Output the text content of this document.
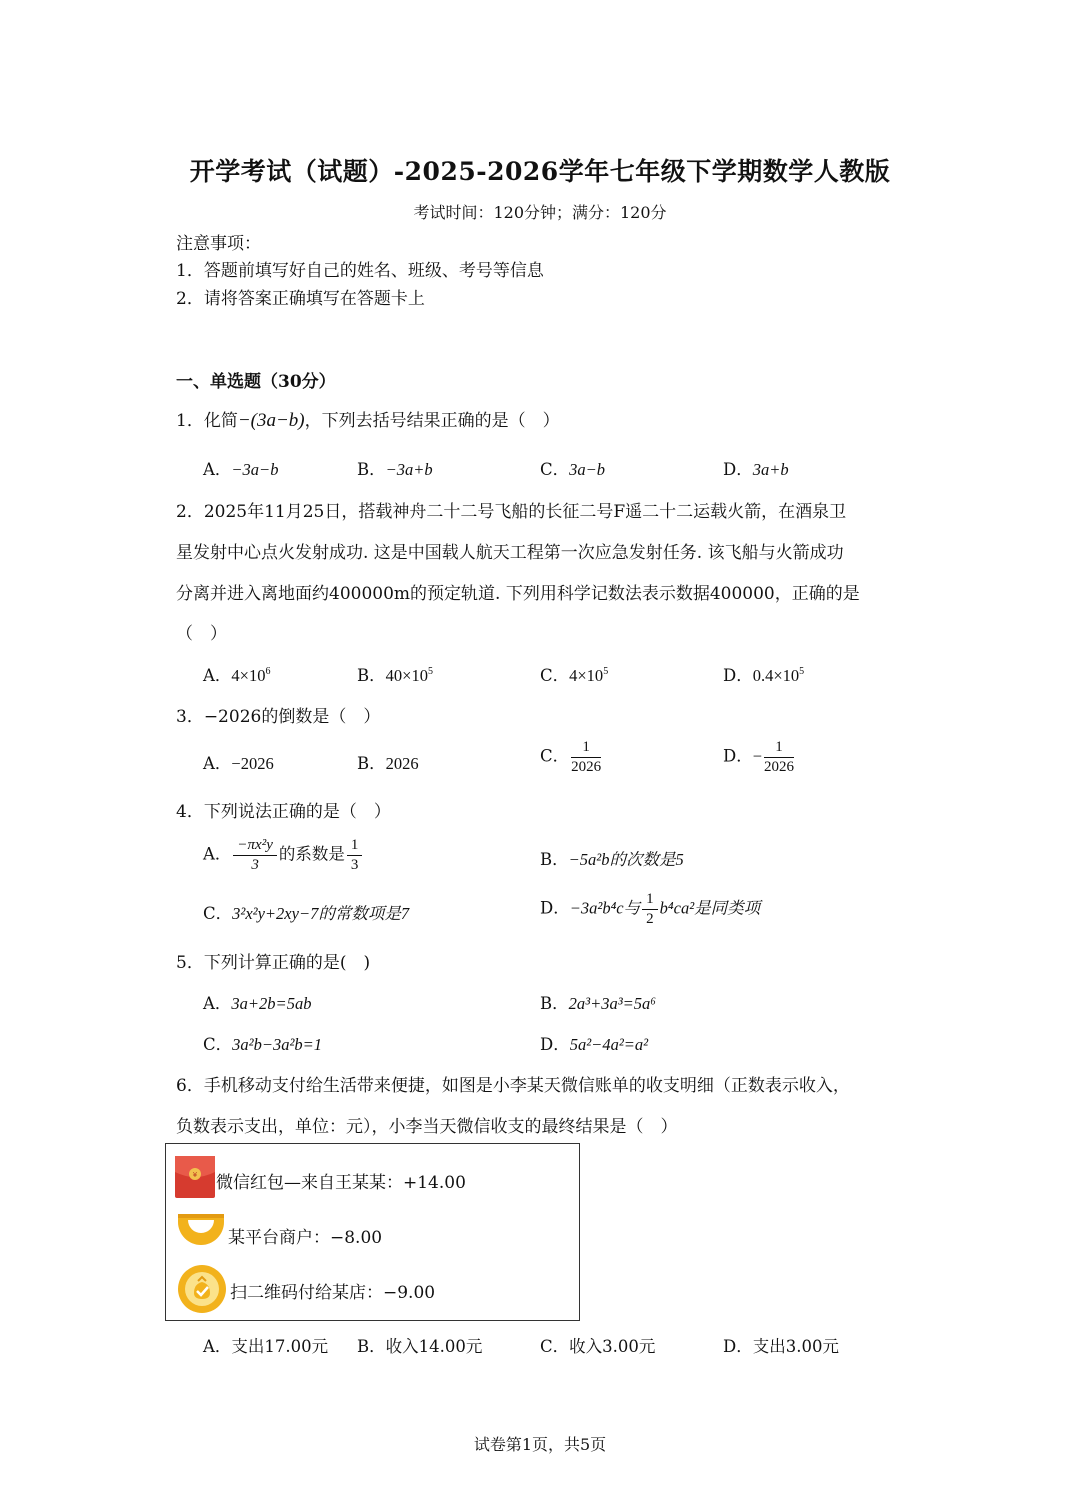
开学考试（试题）-2025-2026学年七年级下学期数学人教版
考试时间：120分钟；满分：120分
注意事项：
1．答题前填写好自己的姓名、班级、考号等信息
2．请将答案正确填写在答题卡上
一、单选题（30分）
1．化简−(3a−b)，下列去括号结果正确的是（　）
A．−3a−b	B．−3a+b	C．3a−b	D．3a+b
2．2025年11月25日，搭载神舟二十二号飞船的长征二号F遥二十二运载火箭，在酒泉卫
星发射中心点火发射成功. 这是中国载人航天工程第一次应急发射任务. 该飞船与火箭成功
分离并进入离地面约400000m的预定轨道. 下列用科学记数法表示数据400000，正确的是
（　）
A．$4\times 10^6$	B．$40\times 10^5$	C．$4\times 10^5$	D．$0.4\times 10^5$
3．−2026的倒数是（　）
A．−2026	B．2026	C． $\frac{1}{2026}$	D．− $\frac{1}{2026}$
4．下列说法正确的是（　）
A． $\frac{\text{−πx²y}}{3}$ 的系数是 $\frac{1}{3}$	B．−5a²b的次数是5
C．3²x²y+2xy−7的常数项是7	D．−3a²b⁴c与 $\frac{1}{2} b^4ca^2$是同类项
5．下列计算正确的是(　)
A．3a+2b=5ab	B．2a³+3a³=5a⁶
C．3a²b−3a²b=1	D．5a²−4a²=a²
6．手机移动支付给生活带来便捷，如图是小李某天微信账单的收支明细（正数表示收入，
负数表示支出，单位：元），小李当天微信收支的最终结果是（　）
¥ 微信红包—来自王某某：+14.00
某平台商户：−8.00
扫二维码付给某店：−9.00
A．支出17.00元 B．收入14.00元	C．收入3.00元	D．支出3.00元
试卷第1页，共5页
